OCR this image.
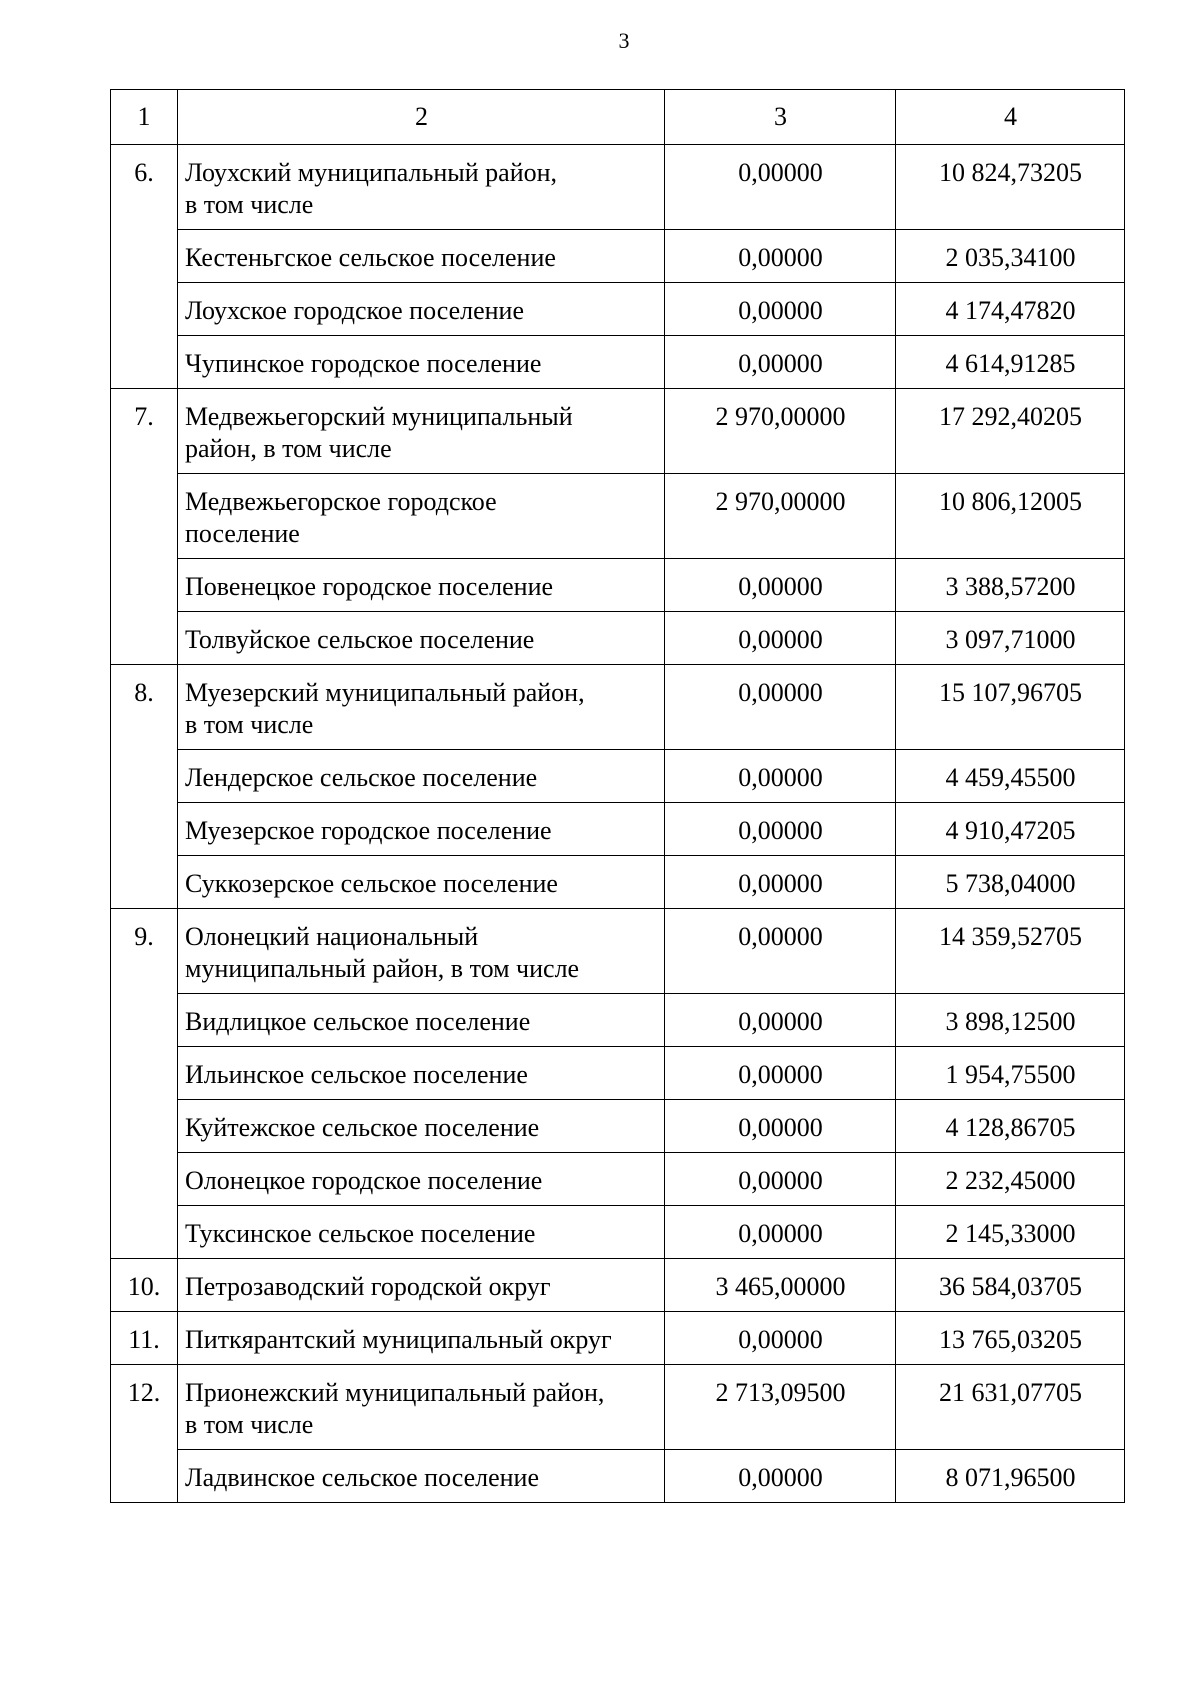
3
1	2	3	4

6.	Лоухский муниципальный район,
в том числе	0,00000	10 824,73205

	Кестеньгское сельское поселение	0,00000	2 035,34100

	Лоухское городское поселение	0,00000	4 174,47820

	Чупинское городское поселение	0,00000	4 614,91285

7.	Медвежьегорский муниципальный
район, в том числе	2 970,00000	17 292,40205

	Медвежьегорское городское
поселение	2 970,00000	10 806,12005

	Повенецкое городское поселение	0,00000	3 388,57200

	Толвуйское сельское поселение	0,00000	3 097,71000

8.	Муезерский муниципальный район,
в том числе	0,00000	15 107,96705

	Лендерское сельское поселение	0,00000	4 459,45500

	Муезерское городское поселение	0,00000	4 910,47205

	Суккозерское сельское поселение	0,00000	5 738,04000

9.	Олонецкий национальный
муниципальный район, в том числе	0,00000	14 359,52705

	Видлицкое сельское поселение	0,00000	3 898,12500

	Ильинское сельское поселение	0,00000	1 954,75500

	Куйтежское сельское поселение	0,00000	4 128,86705

	Олонецкое городское поселение	0,00000	2 232,45000

	Туксинское сельское поселение	0,00000	2 145,33000

10.	Петрозаводский городской округ	3 465,00000	36 584,03705

11.	Питкярантский муниципальный округ	0,00000	13 765,03205

12.	Прионежский муниципальный район,
в том числе	2 713,09500	21 631,07705

	Ладвинское сельское поселение	0,00000	8 071,96500
